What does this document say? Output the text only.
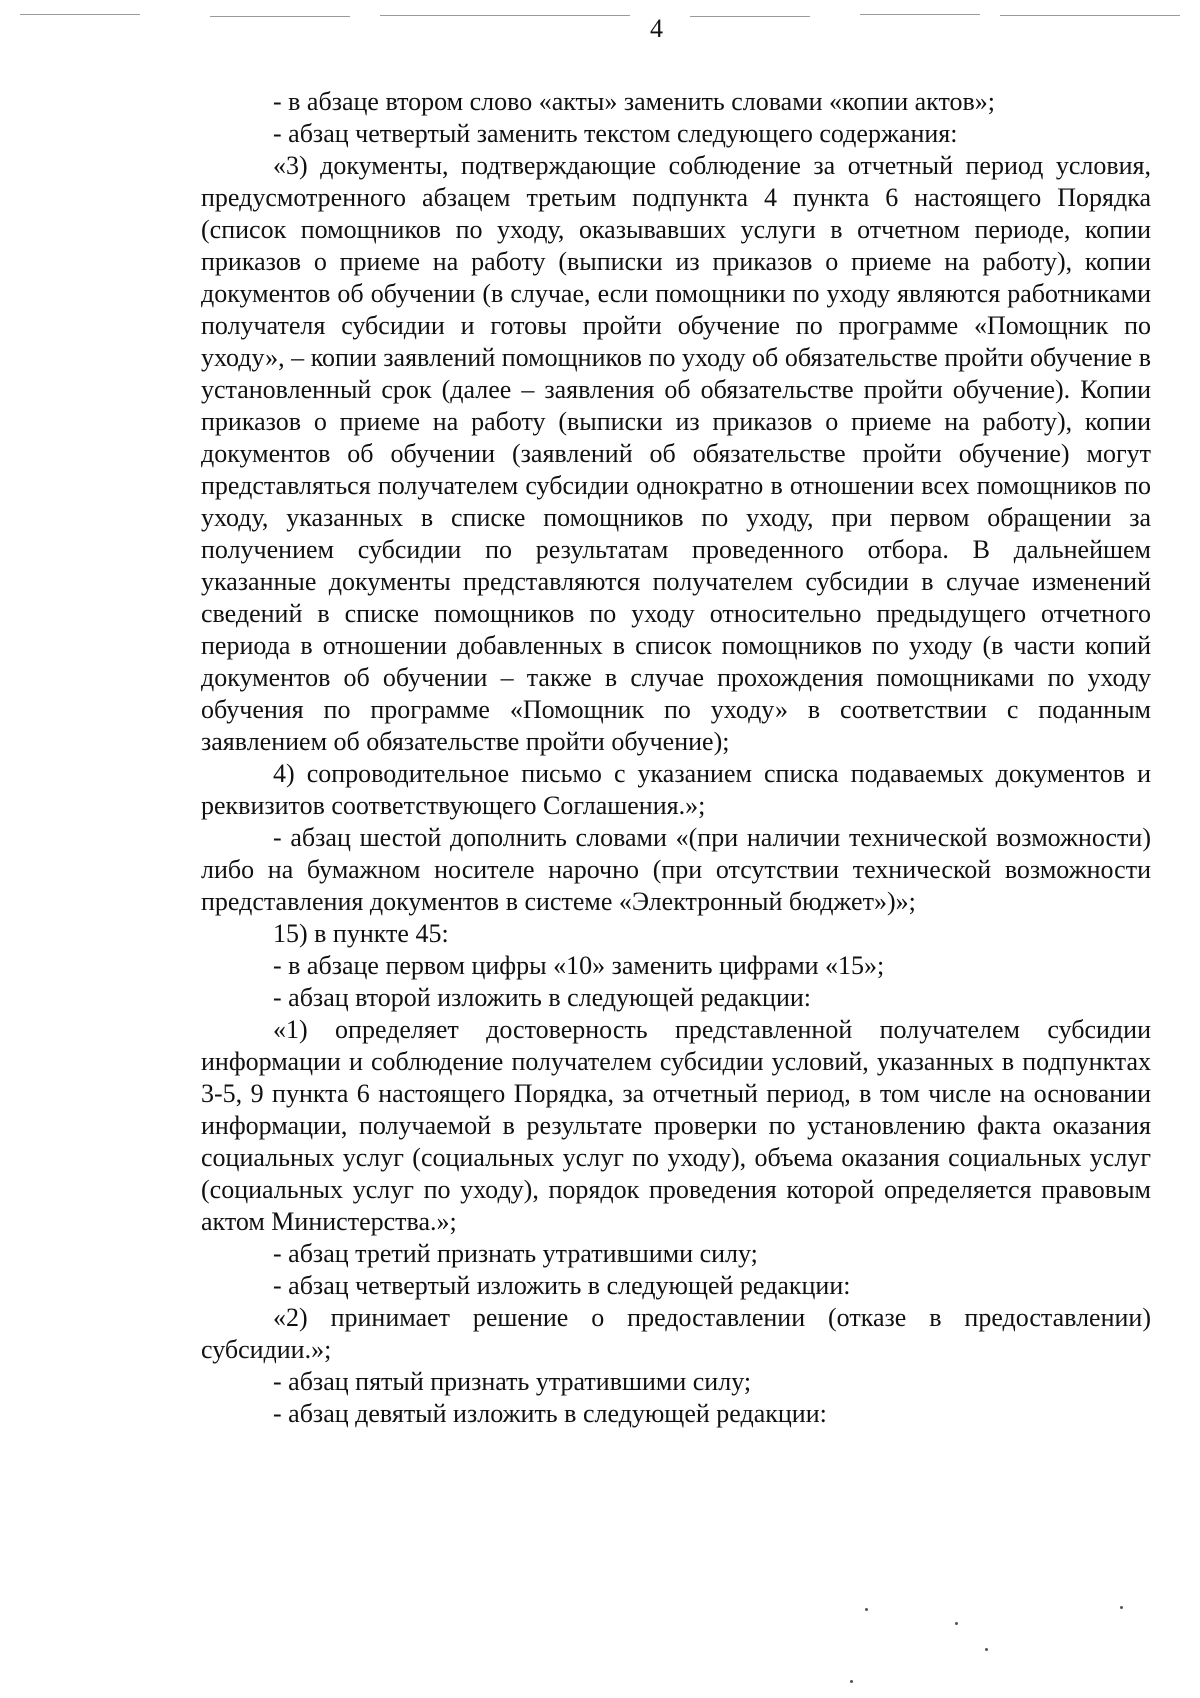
4

- в абзаце втором слово «акты» заменить словами «копии актов»;

- абзац четвертый заменить текстом следующего содержания:

«3) документы, подтверждающие соблюдение за отчетный период условия, предусмотренного абзацем третьим подпункта 4 пункта 6 настоящего Порядка (список помощников по уходу, оказывавших услуги в отчетном периоде, копии приказов о приеме на работу (выписки из приказов о приеме на работу), копии документов об обучении (в случае, если помощники по уходу являются работниками получателя субсидии и готовы пройти обучение по программе «Помощник по уходу», – копии заявлений помощников по уходу об обязательстве пройти обучение в установленный срок (далее – заявления об обязательстве пройти обучение). Копии приказов о приеме на работу (выписки из приказов о приеме на работу), копии документов об обучении (заявлений об обязательстве пройти обучение) могут представляться получателем субсидии однократно в отношении всех помощников по уходу, указанных в списке помощников по уходу, при первом обращении за получением субсидии по результатам проведенного отбора. В дальнейшем указанные документы представляются получателем субсидии в случае изменений сведений в списке помощников по уходу относительно предыдущего отчетного периода в отношении добавленных в список помощников по уходу (в части копий документов об обучении – также в случае прохождения помощниками по уходу обучения по программе «Помощник по уходу» в соответствии с поданным заявлением об обязательстве пройти обучение);

4) сопроводительное письмо с указанием списка подаваемых документов и реквизитов соответствующего Соглашения.»;

- абзац шестой дополнить словами «(при наличии технической возможности) либо на бумажном носителе нарочно (при отсутствии технической возможности представления документов в системе «Электронный бюджет»)»;

15) в пункте 45:

- в абзаце первом цифры «10» заменить цифрами «15»;

- абзац второй изложить в следующей редакции:

«1) определяет достоверность представленной получателем субсидии информации и соблюдение получателем субсидии условий, указанных в подпунктах 3-5, 9 пункта 6 настоящего Порядка, за отчетный период, в том числе на основании информации, получаемой в результате проверки по установлению факта оказания социальных услуг (социальных услуг по уходу), объема оказания социальных услуг (социальных услуг по уходу), порядок проведения которой определяется правовым актом Министерства.»;

- абзац третий признать утратившими силу;

- абзац четвертый изложить в следующей редакции:

«2) принимает решение о предоставлении (отказе в предоставлении) субсидии.»;

- абзац пятый признать утратившими силу;

- абзац девятый изложить в следующей редакции:
